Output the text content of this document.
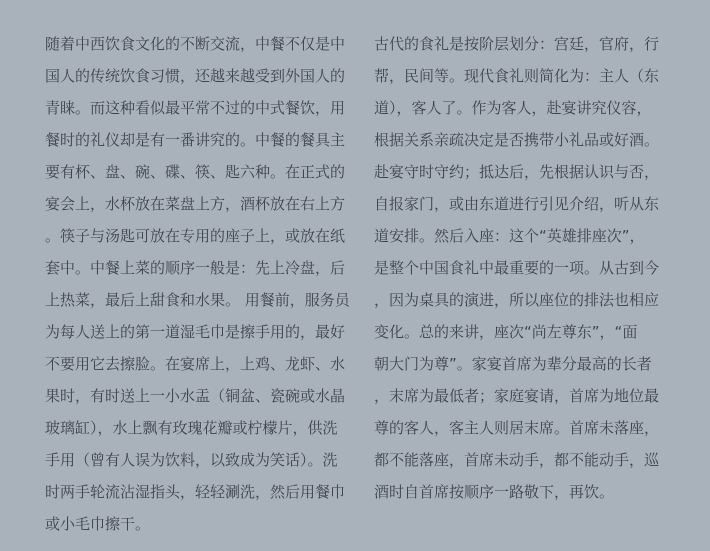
随着中西饮食文化的不断交流，中餐不仅是中
国人的传统饮食习惯，还越来越受到外国人的
青睐。而这种看似最平常不过的中式餐饮，用
餐时的礼仪却是有一番讲究的。中餐的餐具主
要有杯、盘、碗、碟、筷、匙六种。在正式的
宴会上，水杯放在菜盘上方，酒杯放在右上方
。筷子与汤匙可放在专用的座子上，或放在纸
套中。中餐上菜的顺序一般是：先上冷盘，后
上热菜，最后上甜食和水果。 用餐前，服务员
为每人送上的第一道湿毛巾是擦手用的，最好
不要用它去擦脸。在宴席上，上鸡、龙虾、水
果时，有时送上一小水盂（铜盆、瓷碗或水晶
玻璃缸），水上飘有玫瑰花瓣或柠檬片，供洗
手用（曾有人误为饮料，以致成为笑话）。洗
时两手轮流沾湿指头，轻轻涮洗，然后用餐巾
或小毛巾擦干。
古代的食礼是按阶层划分：宫廷，官府，行
帮，民间等。现代食礼则简化为：主人（东
道），客人了。作为客人，赴宴讲究仪容，
根据关系亲疏决定是否携带小礼品或好酒。
赴宴守时守约；抵达后，先根据认识与否，
自报家门，或由东道进行引见介绍，听从东
道安排。然后入座：这个“英雄排座次”，
是整个中国食礼中最重要的一项。从古到今
，因为桌具的演进，所以座位的排法也相应
变化。总的来讲，座次“尚左尊东”，“面
朝大门为尊”。家宴首席为辈分最高的长者
，末席为最低者；家庭宴请，首席为地位最
尊的客人，客主人则居末席。首席未落座，
都不能落座，首席未动手，都不能动手，巡
酒时自首席按顺序一路敬下，再饮。
